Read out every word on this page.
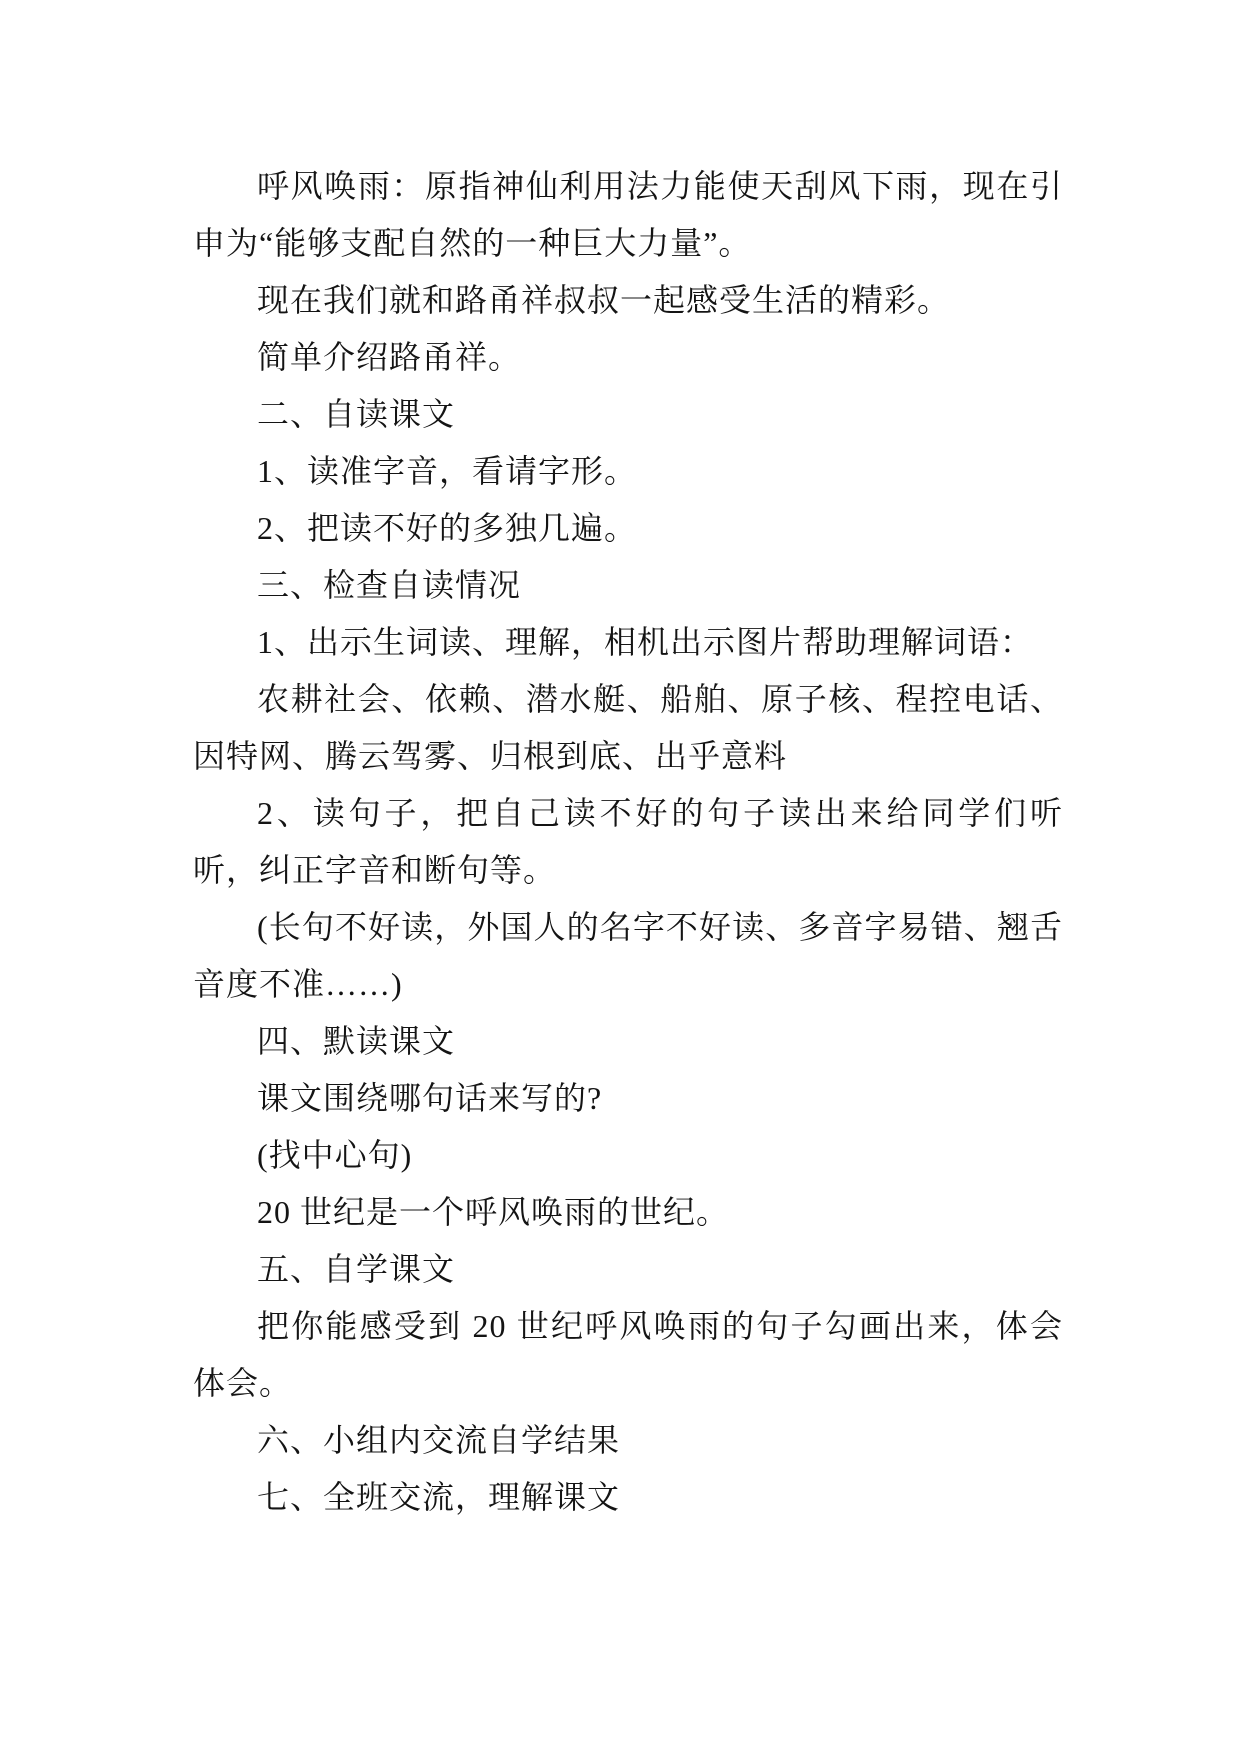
呼风唤雨：原指神仙利用法力能使天刮风下雨，现在引申为“能够支配自然的一种巨大力量”。

现在我们就和路甬祥叔叔一起感受生活的精彩。

简单介绍路甬祥。

二、自读课文

1、读准字音，看请字形。

2、把读不好的多独几遍。

三、检查自读情况

1、出示生词读、理解，相机出示图片帮助理解词语：

农耕社会、依赖、潜水艇、船舶、原子核、程控电话、因特网、腾云驾雾、归根到底、出乎意料

2、读句子，把自己读不好的句子读出来给同学们听听，纠正字音和断句等。

(长句不好读，外国人的名字不好读、多音字易错、翘舌音度不准……)

四、默读课文

课文围绕哪句话来写的?

(找中心句)

20 世纪是一个呼风唤雨的世纪。

五、自学课文

把你能感受到 20 世纪呼风唤雨的句子勾画出来，体会体会。

六、小组内交流自学结果

七、全班交流，理解课文
